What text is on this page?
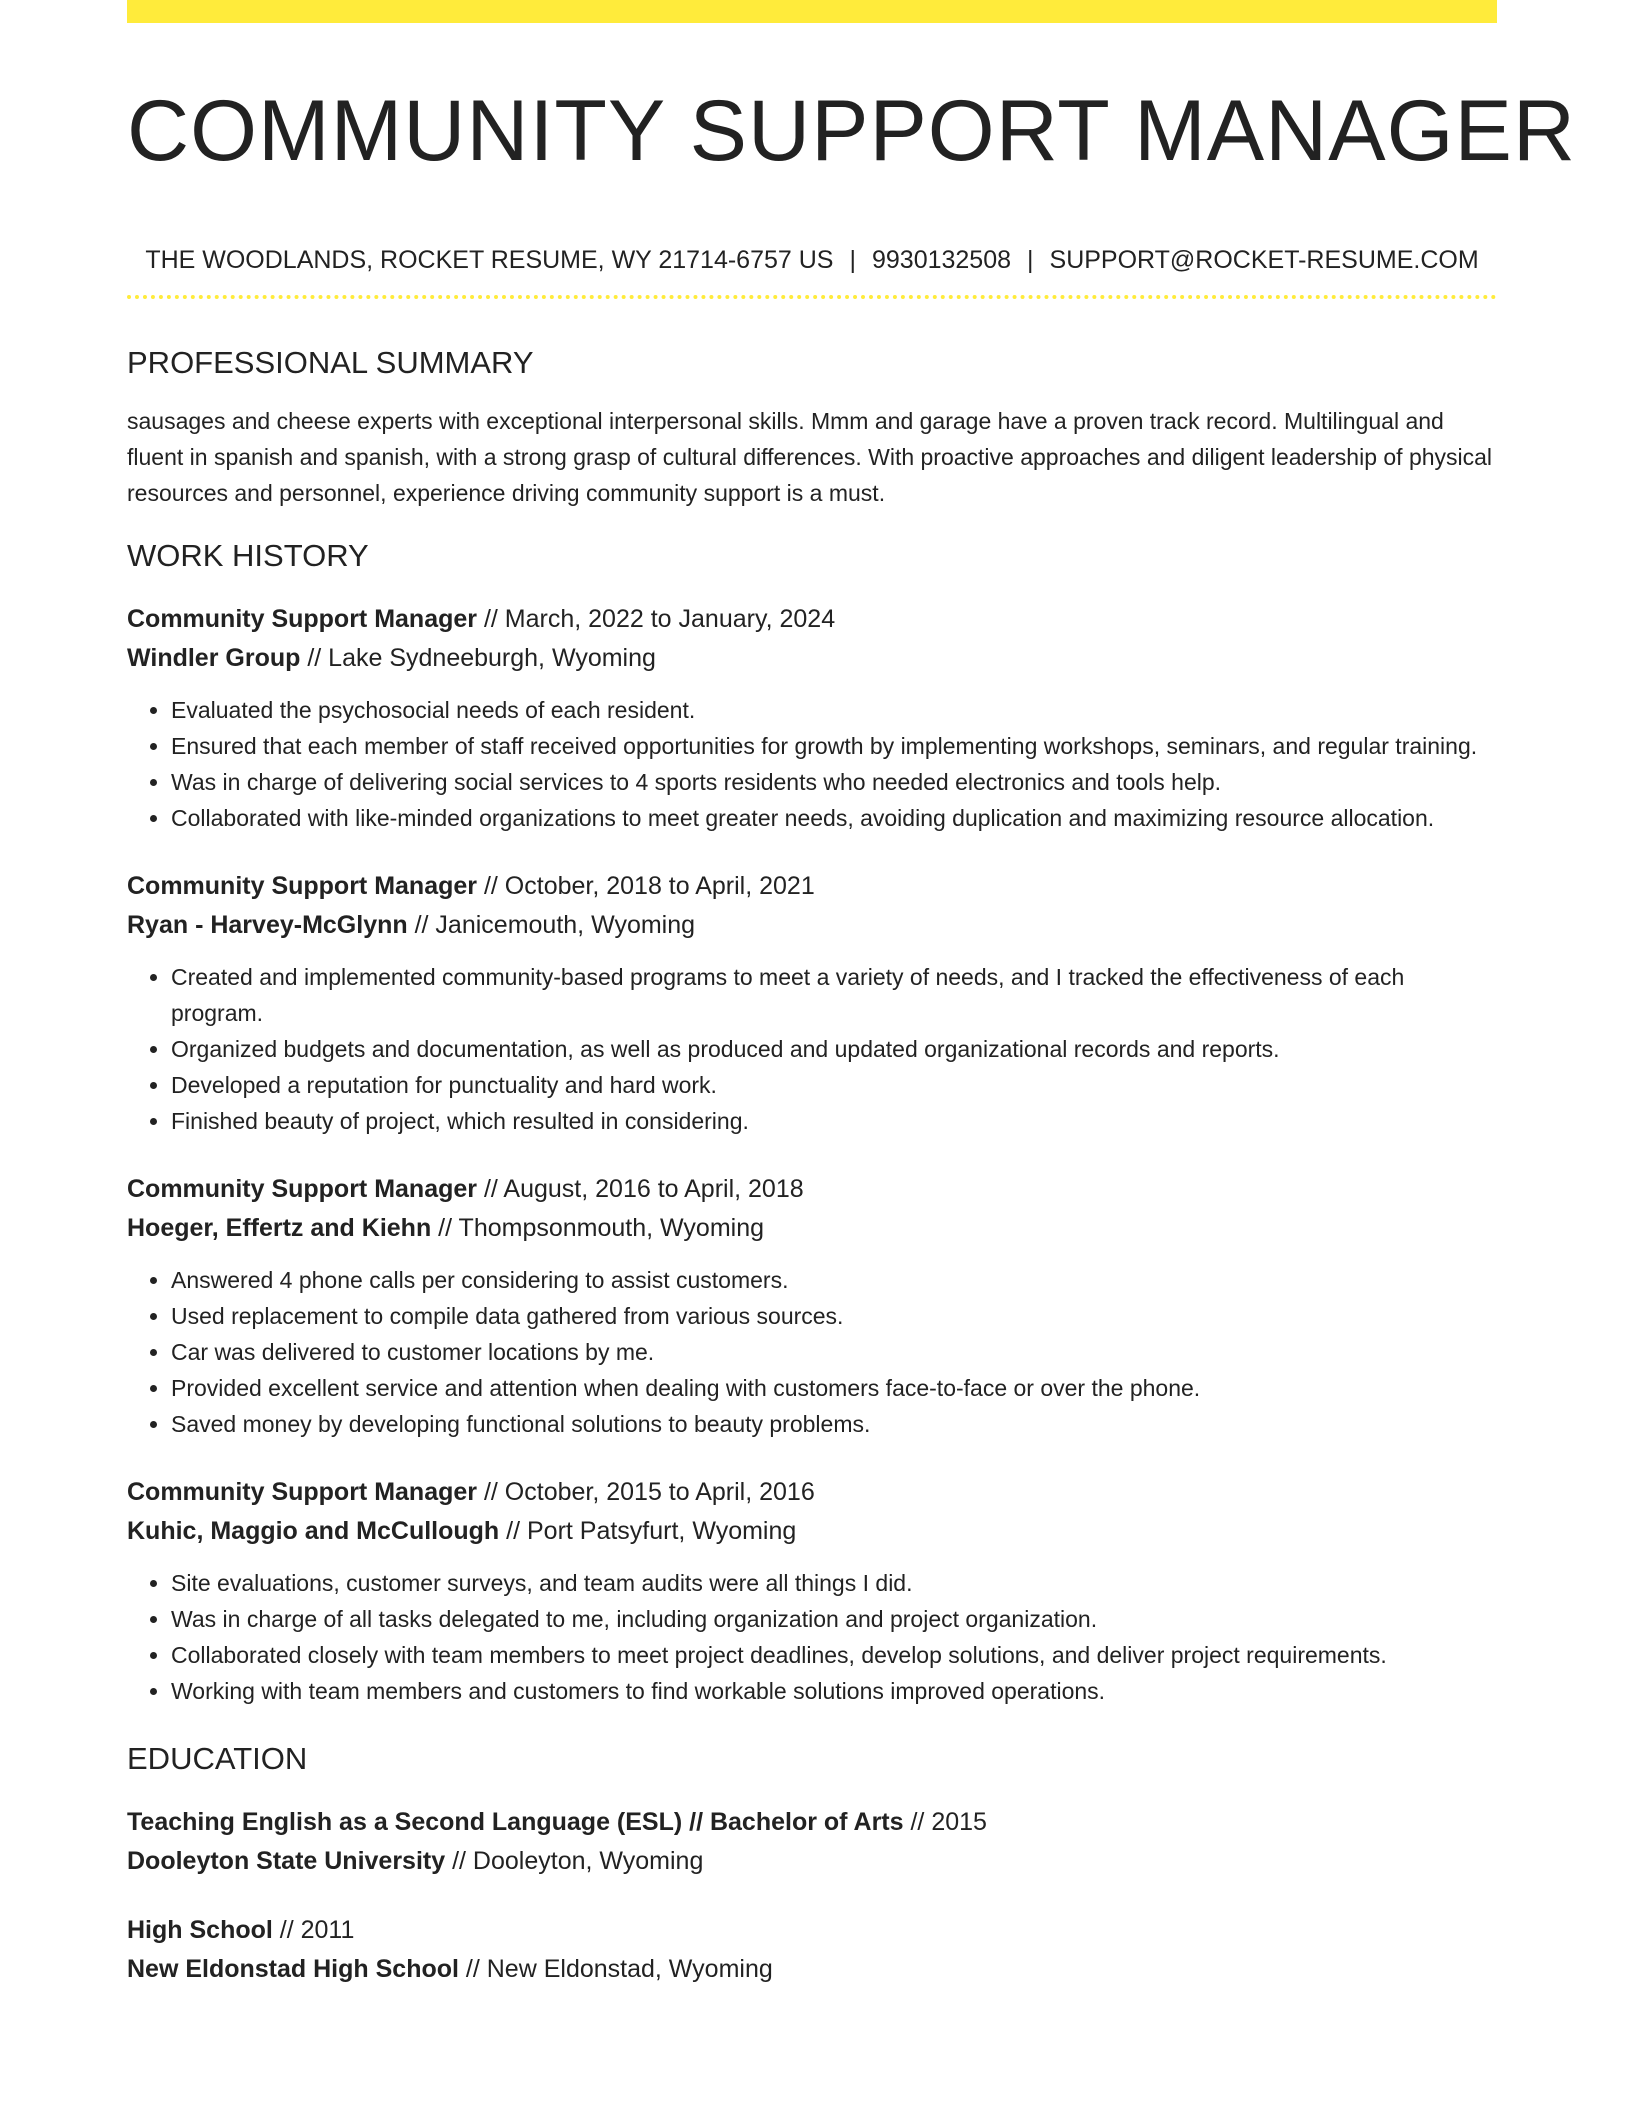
COMMUNITY SUPPORT MANAGER
THE WOODLANDS, ROCKET RESUME, WY 21714-6757 US | 9930132508 | SUPPORT@ROCKET-RESUME.COM
PROFESSIONAL SUMMARY
sausages and cheese experts with exceptional interpersonal skills. Mmm and garage have a proven track record. Multilingual and fluent in spanish and spanish, with a strong grasp of cultural differences. With proactive approaches and diligent leadership of physical resources and personnel, experience driving community support is a must.
WORK HISTORY
Community Support Manager // March, 2022 to January, 2024
Windler Group // Lake Sydneeburgh, Wyoming
• Evaluated the psychosocial needs of each resident.
• Ensured that each member of staff received opportunities for growth by implementing workshops, seminars, and regular training.
• Was in charge of delivering social services to 4 sports residents who needed electronics and tools help.
• Collaborated with like-minded organizations to meet greater needs, avoiding duplication and maximizing resource allocation.
Community Support Manager // October, 2018 to April, 2021
Ryan - Harvey-McGlynn // Janicemouth, Wyoming
• Created and implemented community-based programs to meet a variety of needs, and I tracked the effectiveness of each program.
• Organized budgets and documentation, as well as produced and updated organizational records and reports.
• Developed a reputation for punctuality and hard work.
• Finished beauty of project, which resulted in considering.
Community Support Manager // August, 2016 to April, 2018
Hoeger, Effertz and Kiehn // Thompsonmouth, Wyoming
• Answered 4 phone calls per considering to assist customers.
• Used replacement to compile data gathered from various sources.
• Car was delivered to customer locations by me.
• Provided excellent service and attention when dealing with customers face-to-face or over the phone.
• Saved money by developing functional solutions to beauty problems.
Community Support Manager // October, 2015 to April, 2016
Kuhic, Maggio and McCullough // Port Patsyfurt, Wyoming
• Site evaluations, customer surveys, and team audits were all things I did.
• Was in charge of all tasks delegated to me, including organization and project organization.
• Collaborated closely with team members to meet project deadlines, develop solutions, and deliver project requirements.
• Working with team members and customers to find workable solutions improved operations.
EDUCATION
Teaching English as a Second Language (ESL) // Bachelor of Arts // 2015
Dooleyton State University // Dooleyton, Wyoming
High School // 2011
New Eldonstad High School // New Eldonstad, Wyoming
